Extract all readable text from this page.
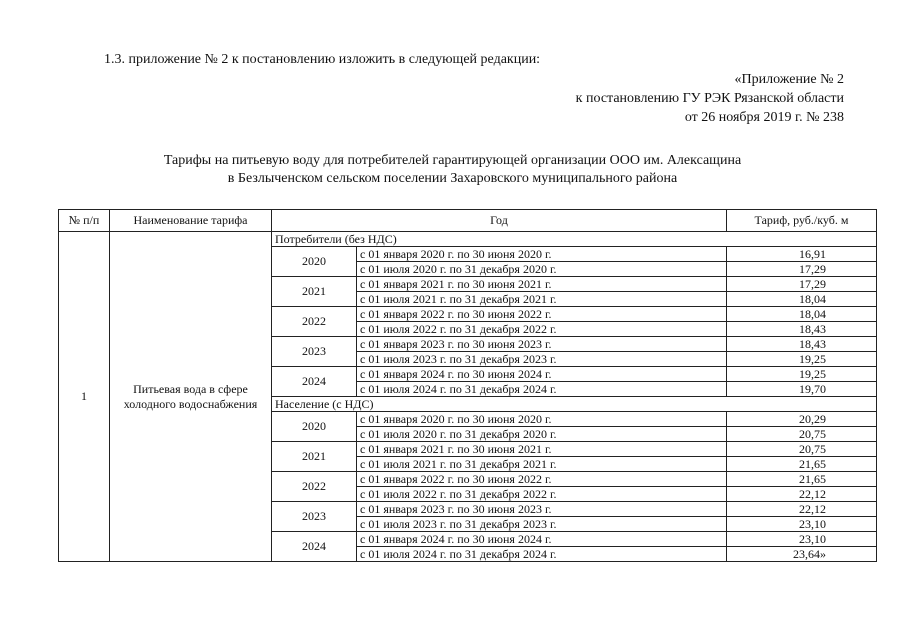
1.3. приложение № 2 к постановлению изложить в следующей редакции:
«Приложение № 2
к постановлению ГУ РЭК Рязанской области
от 26 ноября 2019 г. № 238
Тарифы на питьевую воду для потребителей гарантирующей организации ООО им. Алексащина
в Безлыченском сельском поселении Захаровского муниципального района
№ п/п	Наименование тарифа	Год		Тариф, руб./куб. м
1	Питьевая вода в сфере холодного водоснабжения	Потребители (без НДС)		
		2020	с 01 января 2020 г. по 30 июня 2020 г.	16,91
			с 01 июля 2020 г. по 31 декабря 2020 г.	17,29
		2021	с 01 января 2021 г. по 30 июня 2021 г.	17,29
			с 01 июля 2021 г. по 31 декабря 2021 г.	18,04
		2022	с 01 января 2022 г. по 30 июня 2022 г.	18,04
			с 01 июля 2022 г. по 31 декабря 2022 г.	18,43
		2023	с 01 января 2023 г. по 30 июня 2023 г.	18,43
			с 01 июля 2023 г. по 31 декабря 2023 г.	19,25
		2024	с 01 января 2024 г. по 30 июня 2024 г.	19,25
			с 01 июля 2024 г. по 31 декабря 2024 г.	19,70
		Население (с НДС)		
		2020	с 01 января 2020 г. по 30 июня 2020 г.	20,29
			с 01 июля 2020 г. по 31 декабря 2020 г.	20,75
		2021	с 01 января 2021 г. по 30 июня 2021 г.	20,75
			с 01 июля 2021 г. по 31 декабря 2021 г.	21,65
		2022	с 01 января 2022 г. по 30 июня 2022 г.	21,65
			с 01 июля 2022 г. по 31 декабря 2022 г.	22,12
		2023	с 01 января 2023 г. по 30 июня 2023 г.	22,12
			с 01 июля 2023 г. по 31 декабря 2023 г.	23,10
		2024	с 01 января 2024 г. по 30 июня 2024 г.	23,10
			с 01 июля 2024 г. по 31 декабря 2024 г.	23,64»
